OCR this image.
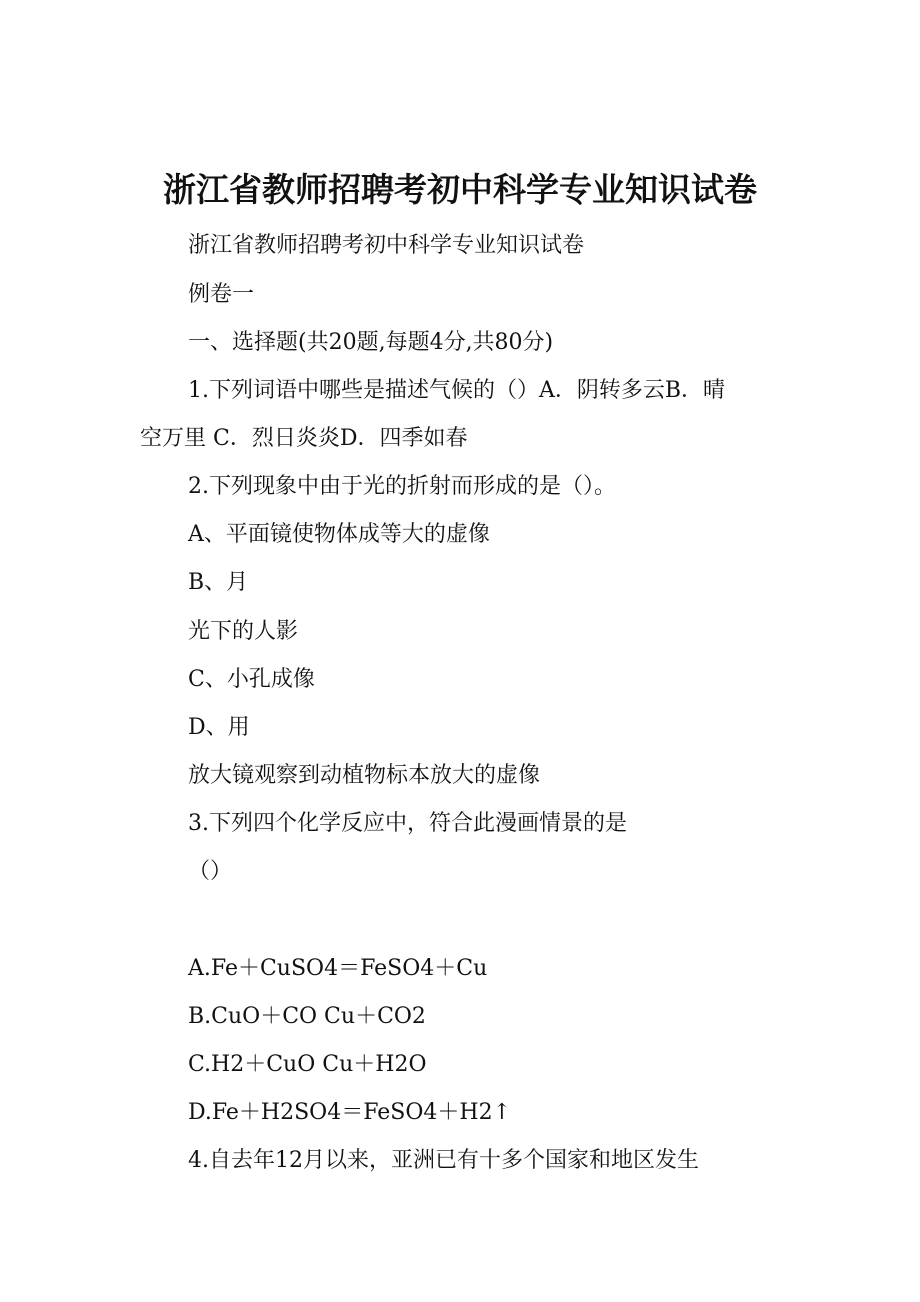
浙江省教师招聘考初中科学专业知识试卷

浙江省教师招聘考初中科学专业知识试卷

例卷一

一、选择题(共20题,每题4分,共80分)

1.下列词语中哪些是描述气候的（）A．阴转多云B．晴

空万里 C．烈日炎炎D．四季如春

2.下列现象中由于光的折射而形成的是（）。

A、平面镜使物体成等大的虚像

B、月

光下的人影

C、小孔成像

D、用

放大镜观察到动植物标本放大的虚像

3.下列四个化学反应中，符合此漫画情景的是

（）

A.Fe＋CuSO4＝FeSO4＋Cu

B.CuO＋CO Cu＋CO2

C.H2＋CuO Cu＋H2O

D.Fe＋H2SO4＝FeSO4＋H2↑

4.自去年12月以来，亚洲已有十多个国家和地区发生
